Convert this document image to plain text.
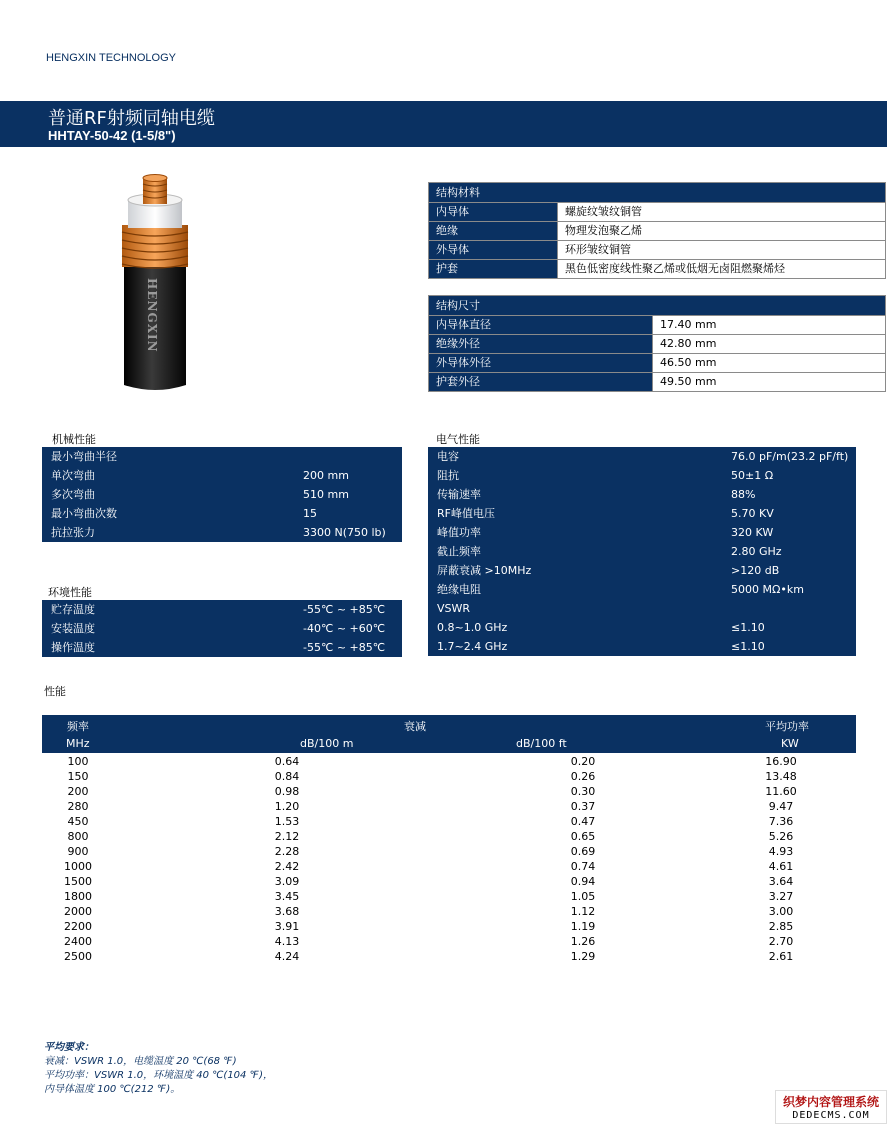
HENGXIN TECHNOLOGY
普通RF射频同轴电缆
HHTAY-50-42 (1-5/8")
HENGXIN
结构材料
内导体	螺旋纹皱纹铜管
绝缘	物理发泡聚乙烯
外导体	环形皱纹铜管
护套	黑色低密度线性聚乙烯或低烟无卤阻燃聚烯烃
结构尺寸
内导体直径	17.40 mm
绝缘外径	42.80 mm
外导体外径	46.50 mm
护套外径	49.50 mm
机械性能
最小弯曲半径
单次弯曲	200 mm
多次弯曲	510 mm
最小弯曲次数	15
抗拉张力	3300 N(750 lb)
环境性能
贮存温度	-55℃ ~ +85℃
安装温度	-40℃ ~ +60℃
操作温度	-55℃ ~ +85℃
电气性能
电容	76.0 pF/m(23.2 pF/ft)
阻抗	50±1 Ω
传输速率	88%
RF峰值电压	5.70 KV
峰值功率	320 KW
截止频率	2.80 GHz
屏蔽衰减 >10MHz	>120 dB
绝缘电阻	5000 MΩ•km
VSWR
0.8~1.0 GHz	≤1.10
1.7~2.4 GHz	≤1.10
性能
频率	衰减	平均功率
MHz	dB/100 m	dB/100 ft	KW
100	0.64	0.20	16.90
150	0.84	0.26	13.48
200	0.98	0.30	11.60
280	1.20	0.37	9.47
450	1.53	0.47	7.36
800	2.12	0.65	5.26
900	2.28	0.69	4.93
1000	2.42	0.74	4.61
1500	3.09	0.94	3.64
1800	3.45	1.05	3.27
2000	3.68	1.12	3.00
2200	3.91	1.19	2.85
2400	4.13	1.26	2.70
2500	4.24	1.29	2.61
平均要求：
衰减：VSWR 1.0，电缆温度 20 ℃(68 ℉)
平均功率：VSWR 1.0，环境温度 40 ℃(104 ℉)，
内导体温度 100 ℃(212 ℉)。
织梦内容管理系统
DEDECMS.COM
